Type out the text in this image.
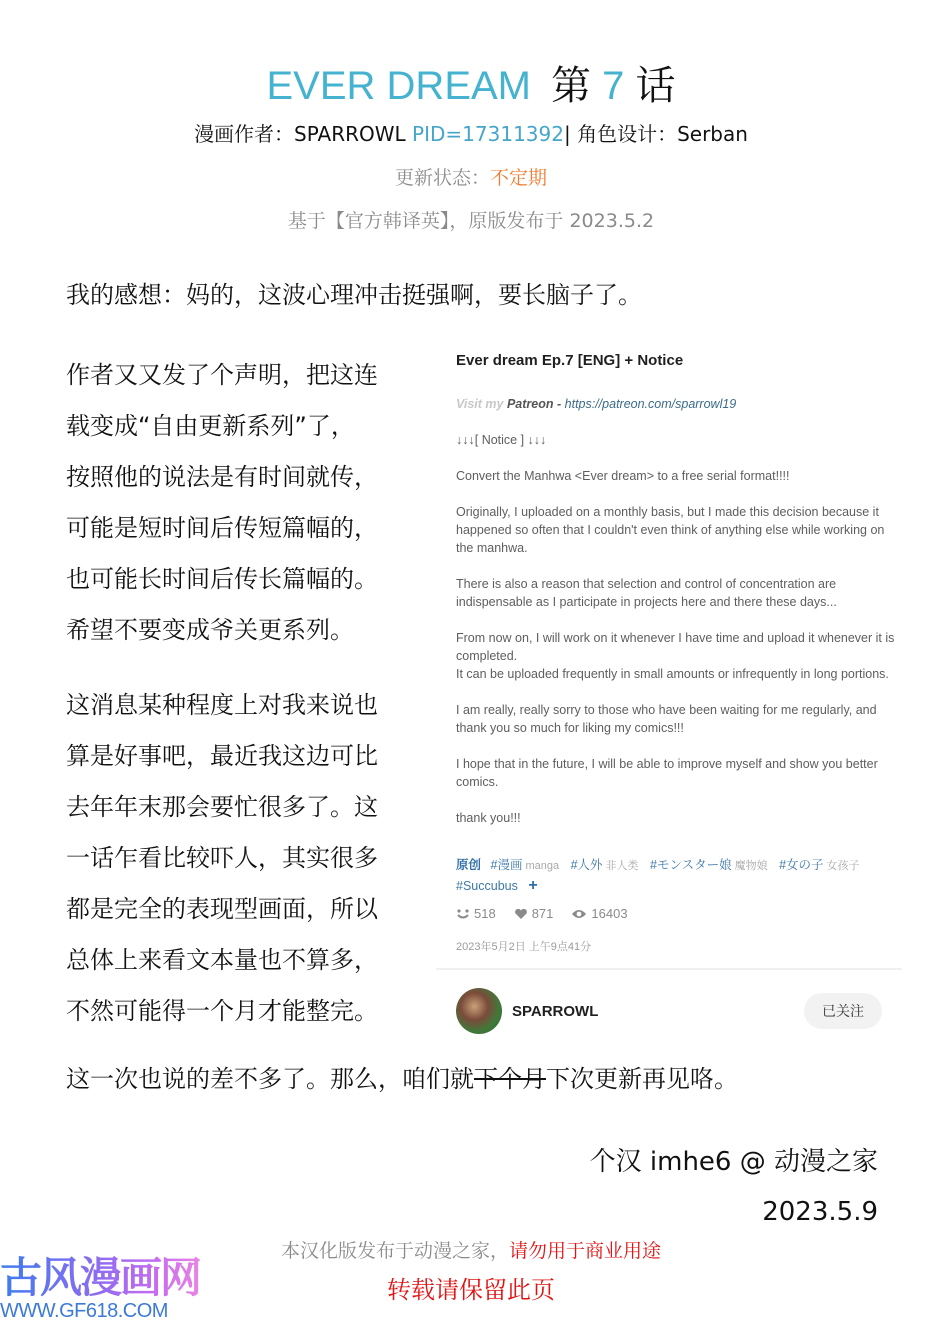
EVER DREAM 第 7 话
漫画作者：SPARROWL PID=17311392| 角色设计：Serban
更新状态：不定期
基于【官方韩译英】，原版发布于 2023.5.2
我的感想：妈的，这波心理冲击挺强啊，要长脑子了。

作者又又发了个声明，把这连

载变成“自由更新系列”了，

按照他的说法是有时间就传，

可能是短时间后传短篇幅的，

也可能长时间后传长篇幅的。

希望不要变成爷关更系列。

这消息某种程度上对我来说也

算是好事吧，最近我这边可比

去年年末那会要忙很多了。这

一话乍看比较吓人，其实很多

都是完全的表现型画面，所以

总体上来看文本量也不算多，

不然可能得一个月才能整完。

Ever dream Ep.7 [ENG] + Notice
Visit my Patreon - https://patreon.com/sparrowl19
↓↓↓[ Notice ] ↓↓↓
Convert the Manhwa <Ever dream> to a free serial format!!!!
Originally, I uploaded on a monthly basis, but I made this decision because it happened so often that I couldn't even think of anything else while working on the manhwa.
There is also a reason that selection and control of concentration are indispensable as I participate in projects here and there these days...
From now on, I will work on it whenever I have time and upload it whenever it is completed.
It can be uploaded frequently in small amounts or infrequently in long portions.
I am really, really sorry to those who have been waiting for me regularly, and thank you so much for liking my comics!!!
I hope that in the future, I will be able to improve myself and show you better comics.
thank you!!!
原创 #漫画 manga #人外 非人类 #モンスター娘 魔物娘 #女の子 女孩子 #Succubus +
518	871	16403
2023年5月2日 上午9点41分
SPARROWL	已关注
这一次也说的差不多了。那么，咱们就下个月下次更新再见咯。
个汉 imhe6 @ 动漫之家
2023.5.9
本汉化版发布于动漫之家，请勿用于商业用途
转载请保留此页
古风漫画网
WWW.GF618.COM
